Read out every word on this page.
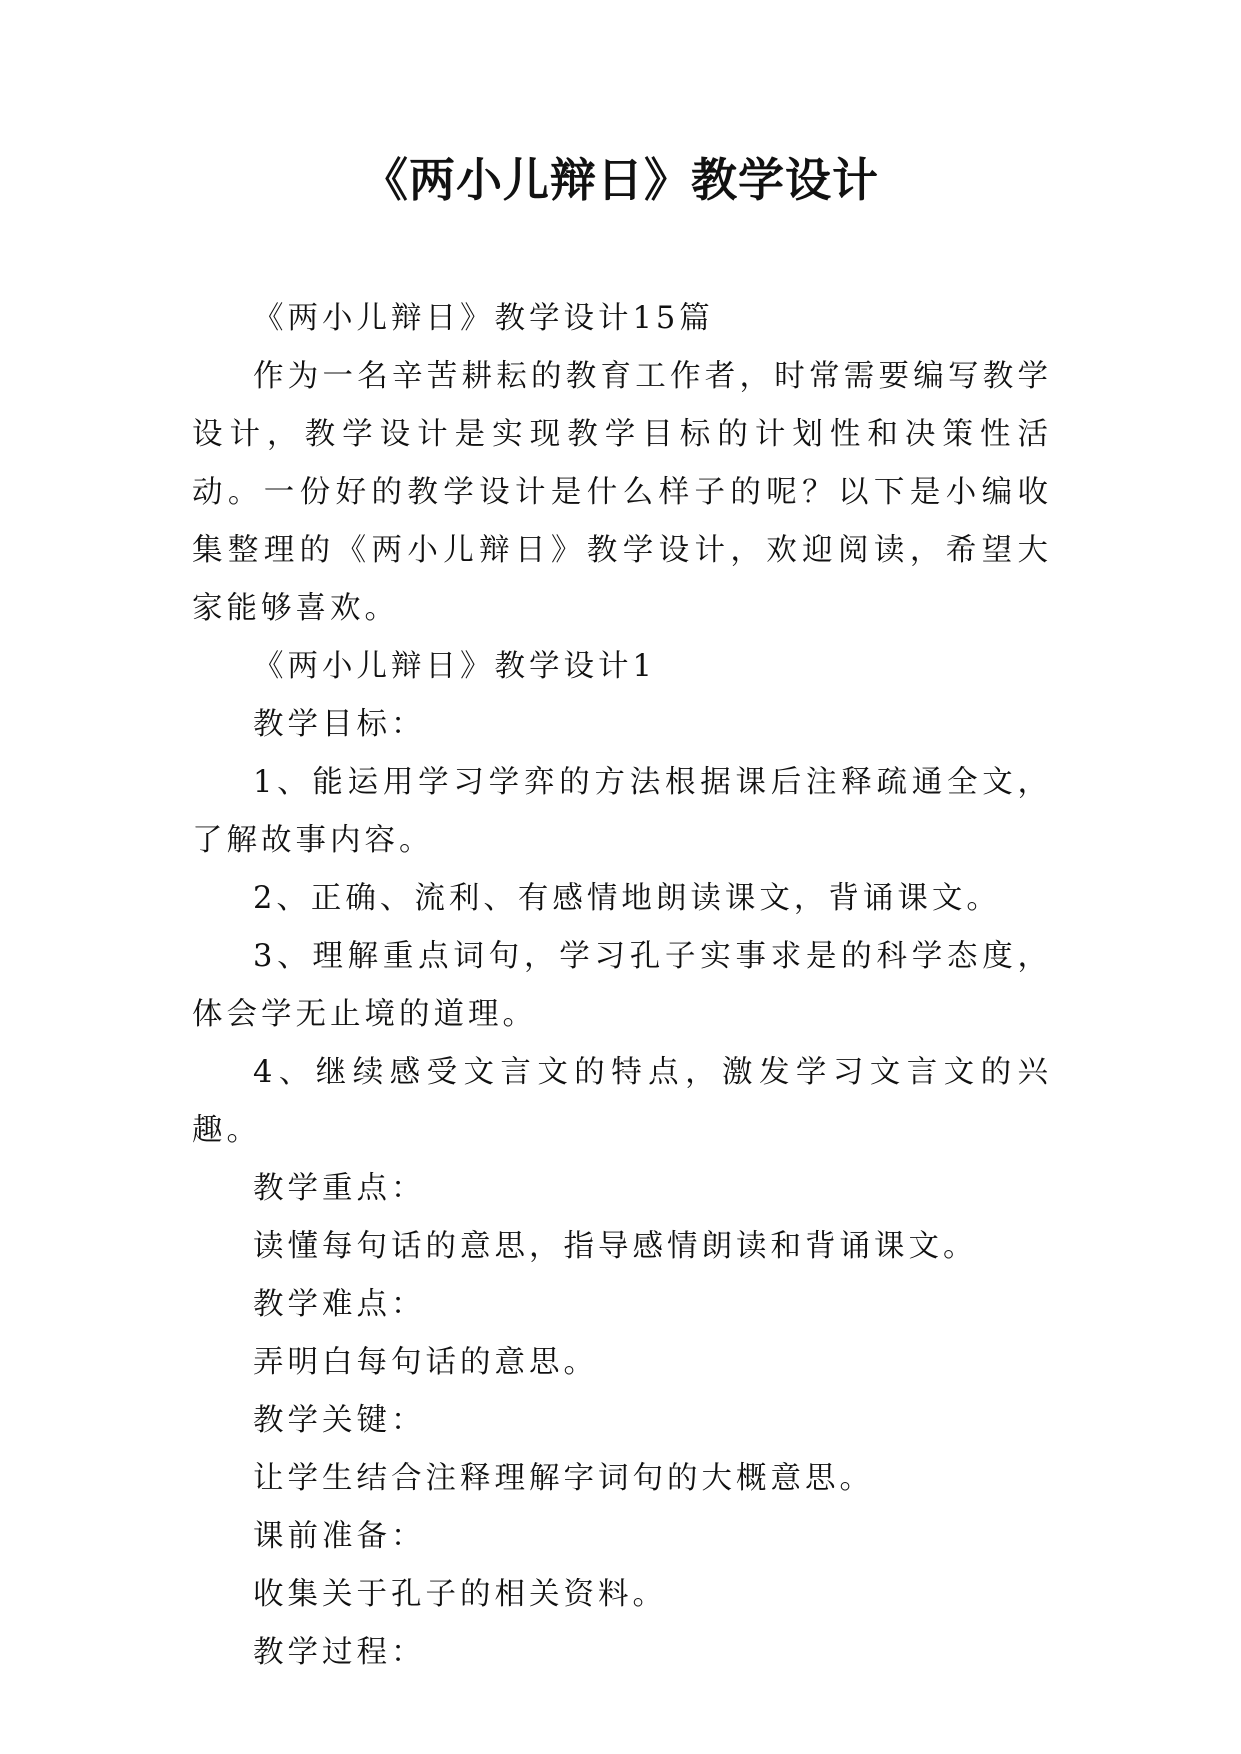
《两小儿辩日》教学设计

《两小儿辩日》教学设计15篇

作为一名辛苦耕耘的教育工作者，时常需要编写教学设计，教学设计是实现教学目标的计划性和决策性活动。一份好的教学设计是什么样子的呢？以下是小编收集整理的《两小儿辩日》教学设计，欢迎阅读，希望大家能够喜欢。

《两小儿辩日》教学设计1

教学目标：

1、能运用学习学弈的方法根据课后注释疏通全文，了解故事内容。

2、正确、流利、有感情地朗读课文，背诵课文。

3、理解重点词句，学习孔子实事求是的科学态度，体会学无止境的道理。

4、继续感受文言文的特点，激发学习文言文的兴趣。

教学重点：

读懂每句话的意思，指导感情朗读和背诵课文。

教学难点：

弄明白每句话的意思。

教学关键：

让学生结合注释理解字词句的大概意思。

课前准备：

收集关于孔子的相关资料。

教学过程：
